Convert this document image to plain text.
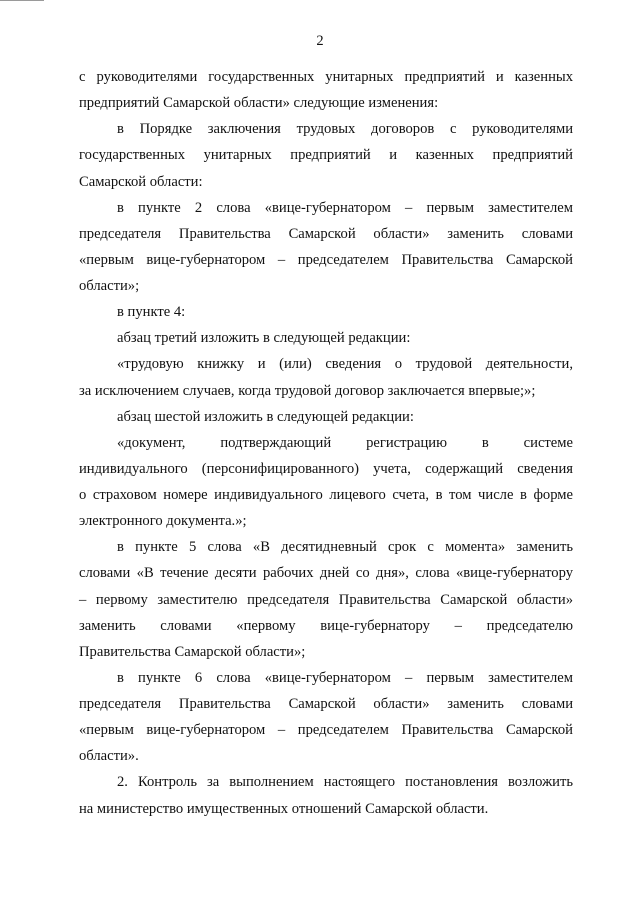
2
с руководителями государственных унитарных предприятий и казенных
предприятий Самарской области» следующие изменения:
в Порядке заключения трудовых договоров с руководителями
государственных унитарных предприятий и казенных предприятий
Самарской области:
в пункте 2 слова «вице-губернатором – первым заместителем
председателя Правительства Самарской области» заменить словами
«первым вице-губернатором – председателем Правительства Самарской
области»;
в пункте 4:
абзац третий изложить в следующей редакции:
«трудовую книжку и (или) сведения о трудовой деятельности,
за исключением случаев, когда трудовой договор заключается впервые;»;
абзац шестой изложить в следующей редакции:
«документ, подтверждающий регистрацию в системе
индивидуального (персонифицированного) учета, содержащий сведения
о страховом номере индивидуального лицевого счета, в том числе в форме
электронного документа.»;
в пункте 5 слова «В десятидневный срок с момента» заменить
словами «В течение десяти рабочих дней со дня», слова «вице-губернатору
– первому заместителю председателя Правительства Самарской области»
заменить словами «первому вице-губернатору – председателю
Правительства Самарской области»;
в пункте 6 слова «вице-губернатором – первым заместителем
председателя Правительства Самарской области» заменить словами
«первым вице-губернатором – председателем Правительства Самарской
области».
2. Контроль за выполнением настоящего постановления возложить
на министерство имущественных отношений Самарской области.
